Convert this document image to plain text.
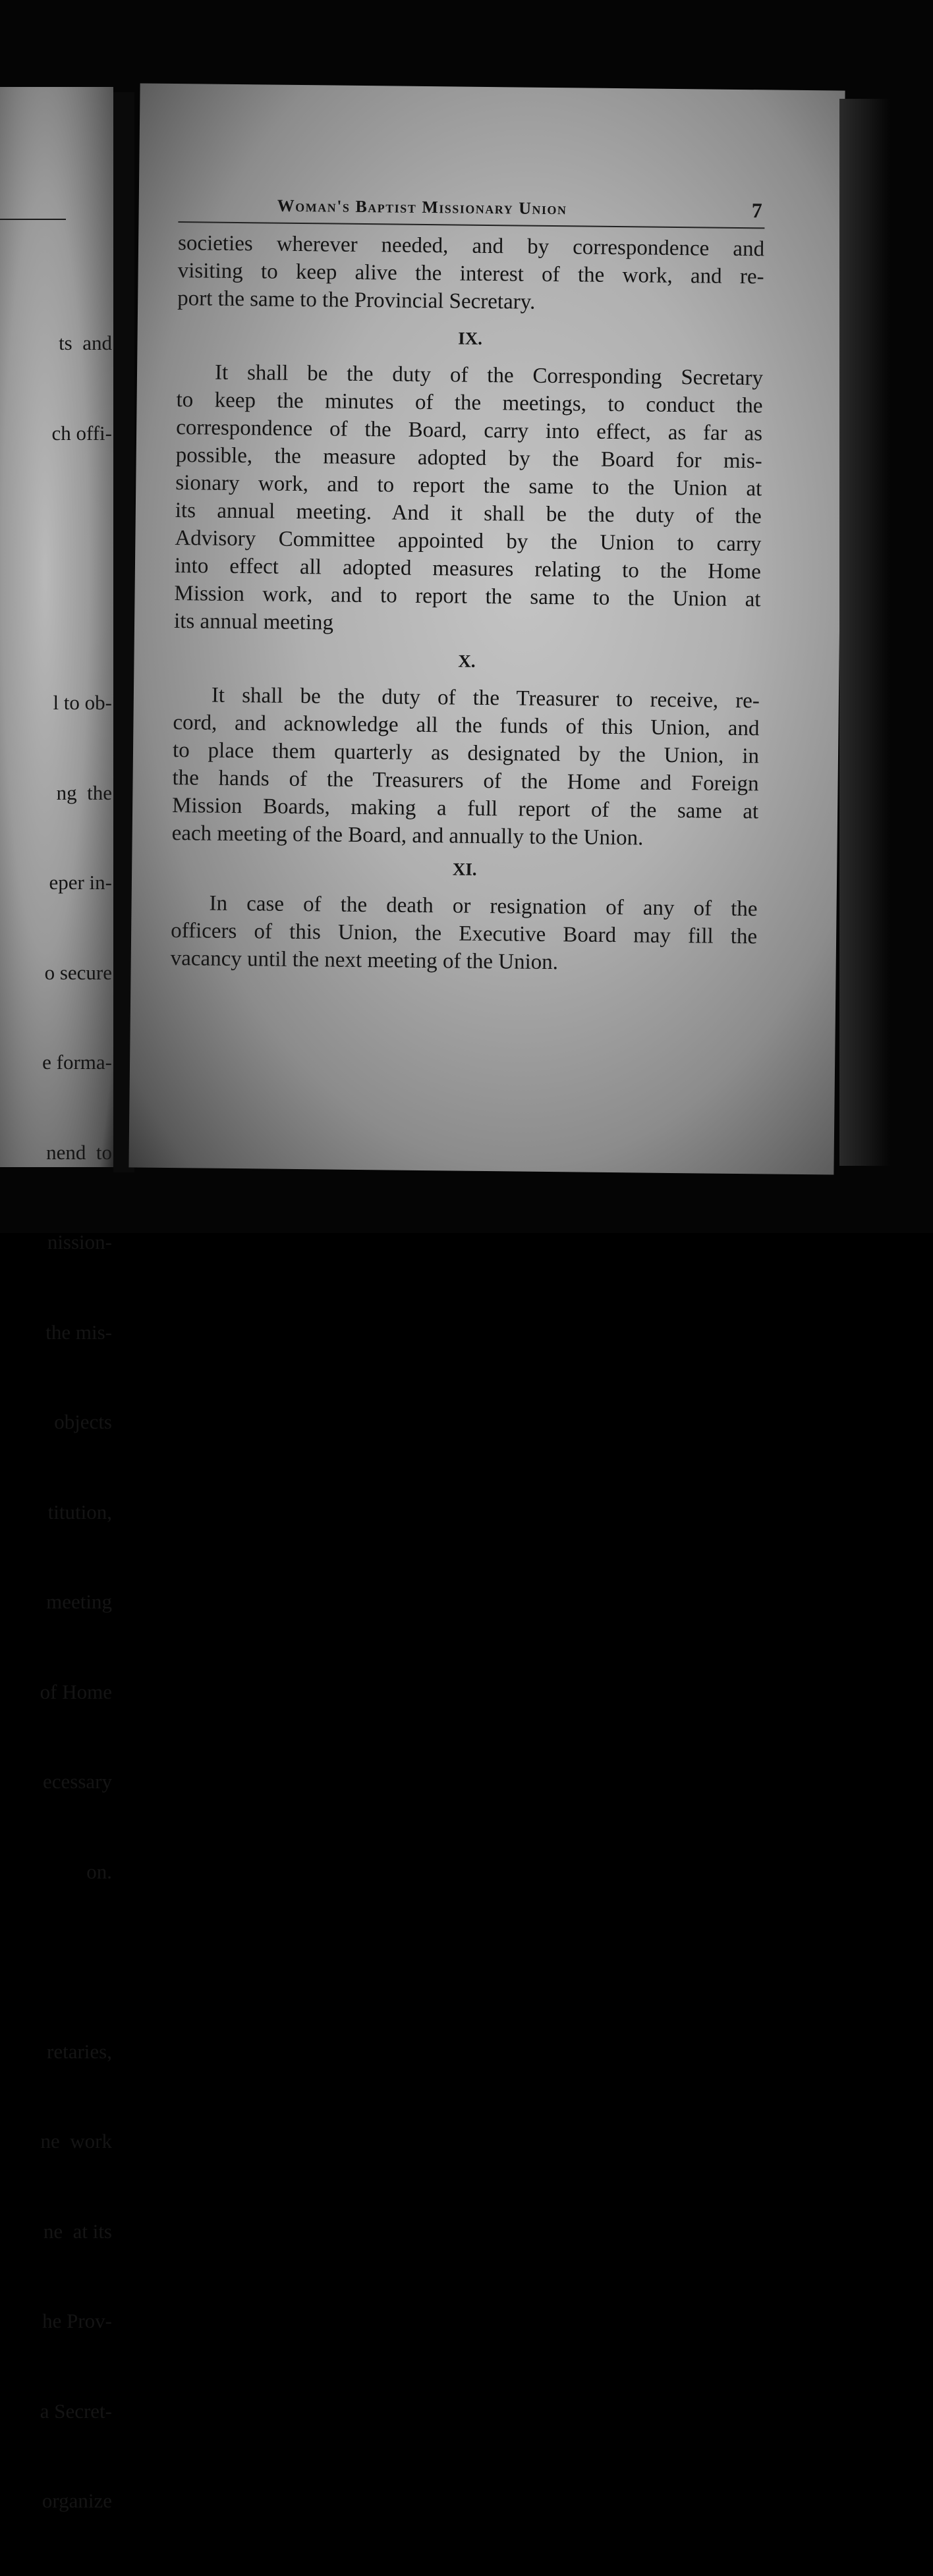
ts  and

ch offi-

l to ob-

ng  the

eper in-

o secure

e forma-

nend  to

nission-

the mis-

objects

titution,

meeting

of Home

ecessary

on.

retaries,

ne  work

ne  at its

he Prov-

a Secret-

organize

Woman's Baptist Missionary Union	7
societies wherever needed, and by correspondence and
visiting to keep alive the interest of the work, and re-
port the same to the Provincial Secretary.
IX.
It shall be the duty of the Corresponding Secretary
to keep the minutes of the meetings, to conduct the
correspondence of the Board, carry into effect, as far as
possible, the measure adopted by the Board for mis-
sionary work, and to report the same to the Union at
its annual meeting. And it shall be the duty of the
Advisory Committee appointed by the Union to carry
into effect all adopted measures relating to the Home
Mission work, and to report the same to the Union at
its annual meeting
X.
It shall be the duty of the Treasurer to receive, re-
cord, and acknowledge all the funds of this Union, and
to place them quarterly as designated by the Union, in
the hands of the Treasurers of the Home and Foreign
Mission Boards, making a full report of the same at
each meeting of the Board, and annually to the Union.
XI.
In case of the death or resignation of any of the
officers of this Union, the Executive Board may fill the
vacancy until the next meeting of the Union.
